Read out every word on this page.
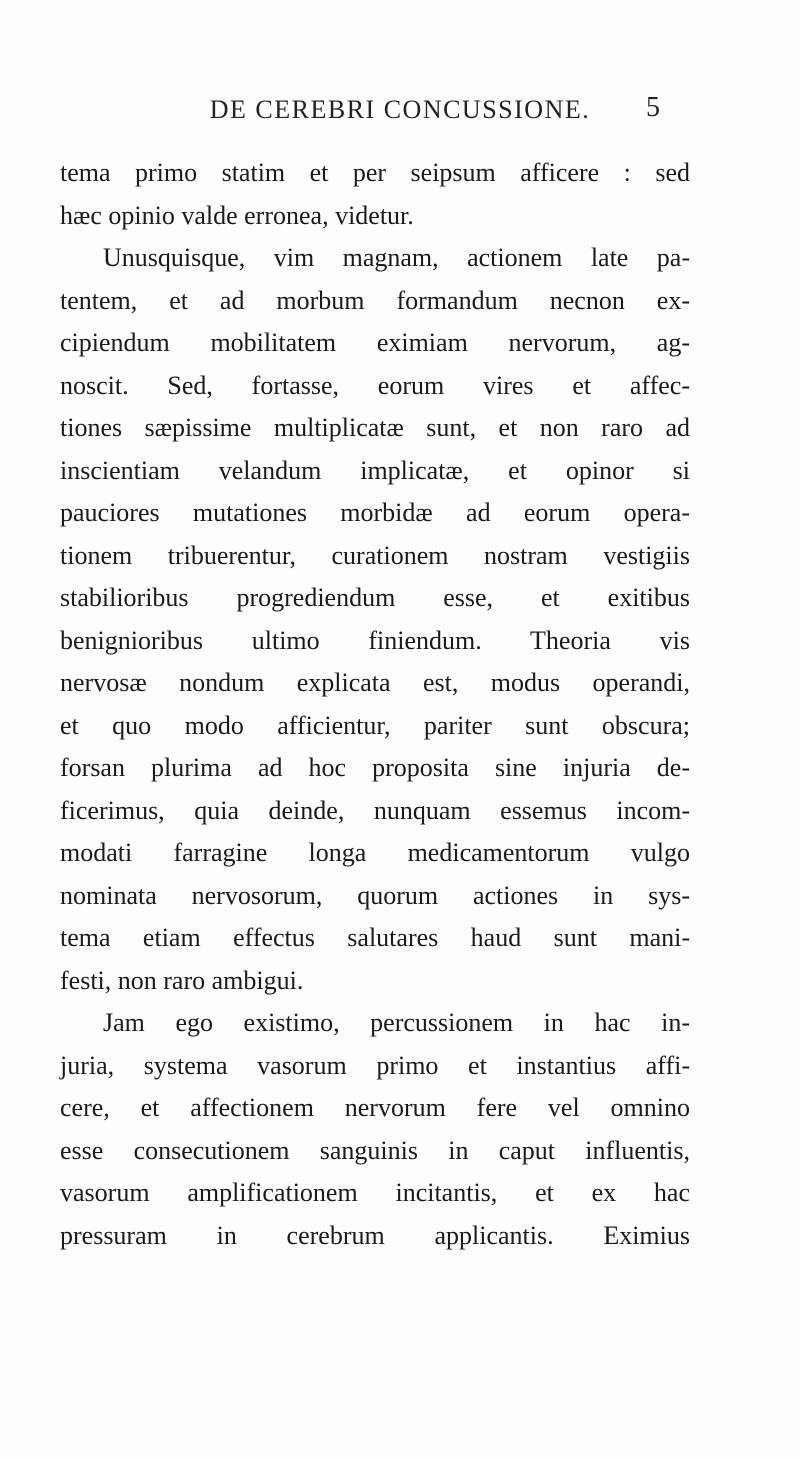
DE CEREBRI CONCUSSIONE.	5
tema primo statim et per seipsum afficere : sed
hæc opinio valde erronea, videtur.
Unusquisque, vim magnam, actionem late pa-
tentem, et ad morbum formandum necnon ex-
cipiendum mobilitatem eximiam nervorum, ag-
noscit. Sed, fortasse, eorum vires et affec-
tiones sæpissime multiplicatæ sunt, et non raro ad
inscientiam velandum implicatæ, et opinor si
pauciores mutationes morbidæ ad eorum opera-
tionem tribuerentur, curationem nostram vestigiis
stabilioribus progrediendum esse, et exitibus
benignioribus ultimo finiendum. Theoria vis
nervosæ nondum explicata est, modus operandi,
et quo modo afficientur, pariter sunt obscura;
forsan plurima ad hoc proposita sine injuria de-
ficerimus, quia deinde, nunquam essemus incom-
modati farragine longa medicamentorum vulgo
nominata nervosorum, quorum actiones in sys-
tema etiam effectus salutares haud sunt mani-
festi, non raro ambigui.
Jam ego existimo, percussionem in hac in-
juria, systema vasorum primo et instantius affi-
cere, et affectionem nervorum fere vel omnino
esse consecutionem sanguinis in caput influentis,
vasorum amplificationem incitantis, et ex hac
pressuram in cerebrum applicantis. Eximius
